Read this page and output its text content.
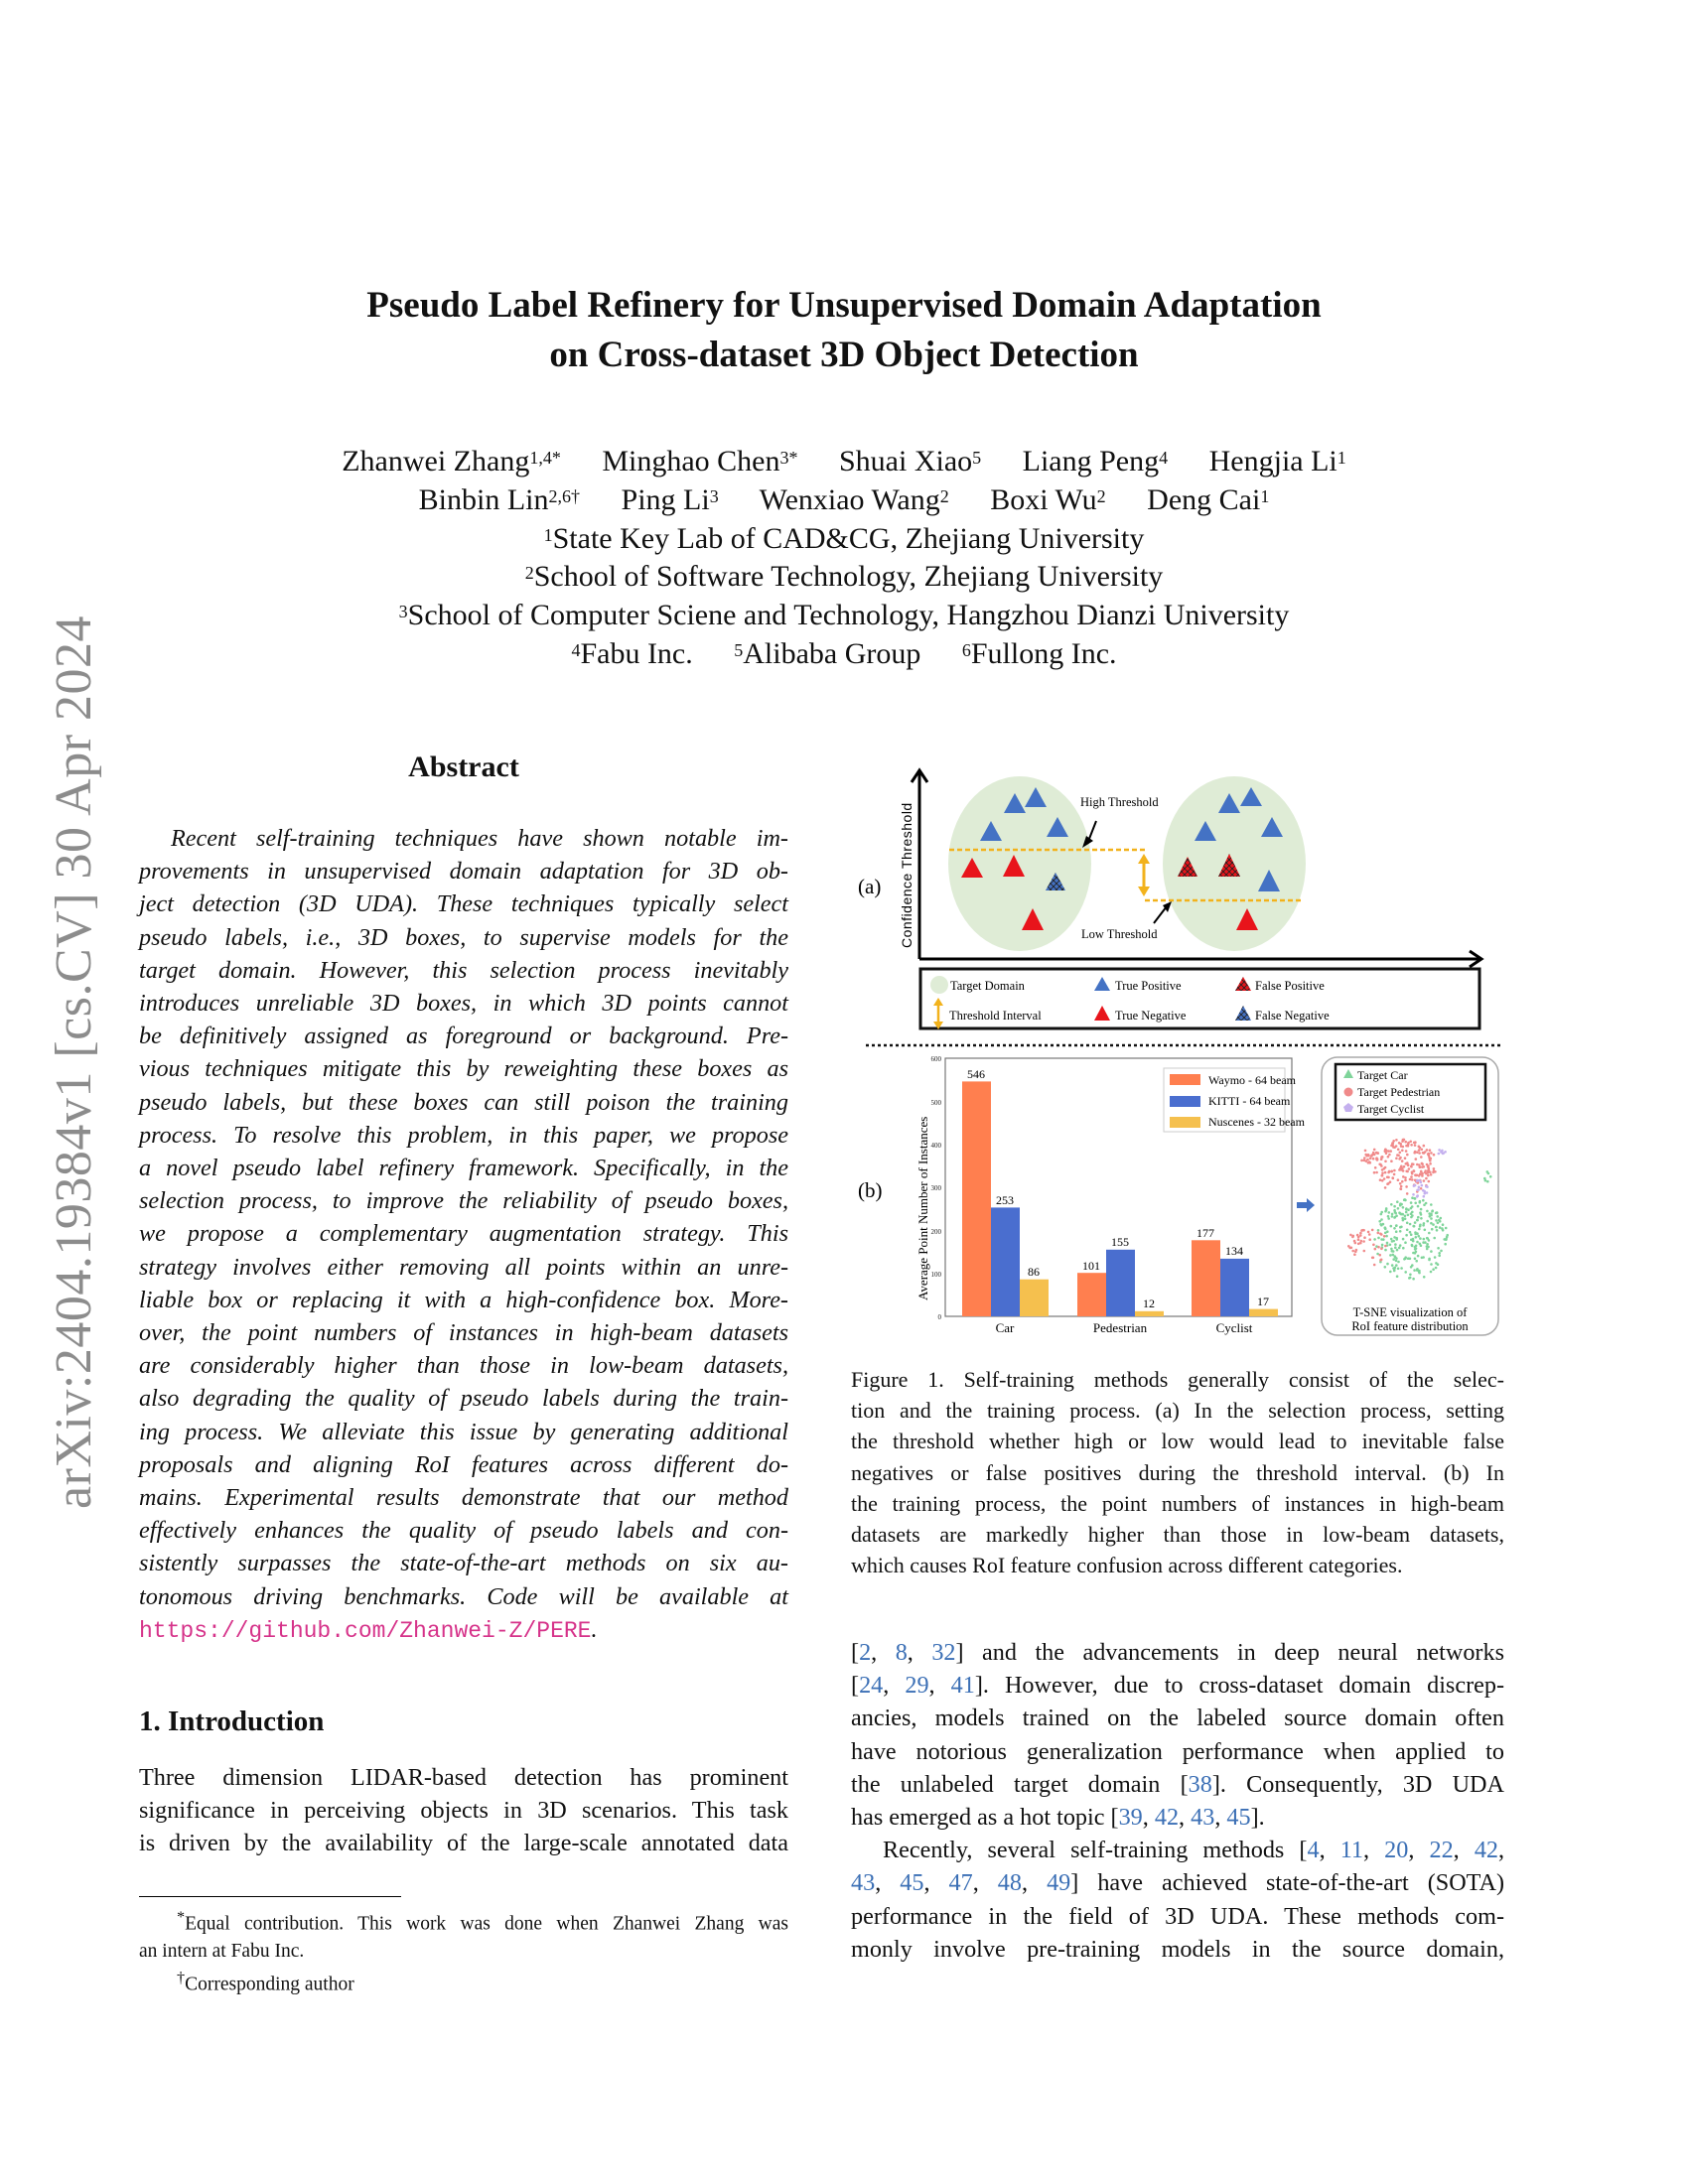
arXiv:2404.19384v1 [cs.CV] 30 Apr 2024
Pseudo Label Refinery for Unsupervised Domain Adaptation
on Cross-dataset 3D Object Detection
Zhanwei Zhang$^{1,4*}$ Minghao Chen$^{3*}$ Shuai Xiao$^5$ Liang Peng$^4$ Hengjia Li$^1$
Binbin Lin$^{2,6\dagger}$ Ping Li$^3$ Wenxiao Wang$^2$ Boxi Wu$^2$ Deng Cai$^1$
$^1$State Key Lab of CAD&CG, Zhejiang University
$^2$School of Software Technology, Zhejiang University
$^3$School of Computer Sciene and Technology, Hangzhou Dianzi University
$^4$Fabu Inc. $^5$Alibaba Group $^6$Fullong Inc.
Abstract
Recent self-training techniques have shown notable im-
provements in unsupervised domain adaptation for 3D ob-
ject detection (3D UDA). These techniques typically select
pseudo labels, i.e., 3D boxes, to supervise models for the
target domain. However, this selection process inevitably
introduces unreliable 3D boxes, in which 3D points cannot
be definitively assigned as foreground or background. Pre-
vious techniques mitigate this by reweighting these boxes as
pseudo labels, but these boxes can still poison the training
process. To resolve this problem, in this paper, we propose
a novel pseudo label refinery framework. Specifically, in the
selection process, to improve the reliability of pseudo boxes,
we propose a complementary augmentation strategy. This
strategy involves either removing all points within an unre-
liable box or replacing it with a high-confidence box. More-
over, the point numbers of instances in high-beam datasets
are considerably higher than those in low-beam datasets,
also degrading the quality of pseudo labels during the train-
ing process. We alleviate this issue by generating additional
proposals and aligning RoI features across different do-
mains. Experimental results demonstrate that our method
effectively enhances the quality of pseudo labels and con-
sistently surpasses the state-of-the-art methods on six au-
tonomous driving benchmarks. Code will be available at
https://github.com/Zhanwei-Z/PERE.
1. Introduction
Three dimension LIDAR-based detection has prominent
significance in perceiving objects in 3D scenarios. This task
is driven by the availability of the large-scale annotated data
*Equal contribution. This work was done when Zhanwei Zhang was
an intern at Fabu Inc.
†Corresponding author
(a) Confidence Threshold
High Threshold
Low Threshold
Target Domain	True Positive	False Positive
Threshold Interval	True Negative	False Negative
(b)	Average Point Number of Instances
0
100
200
300
400
500
600
546
253
86	101
155
12
177
134
17
Car	Pedestrian	Cyclist
Waymo - 64 beam
KITTI - 64 beam
Nuscenes - 32 beam
Target Car
Target Pedestrian
Target Cyclist
T-SNE visualization of
RoI feature distribution
Figure 1. Self-training methods generally consist of the selec-
tion and the training process. (a) In the selection process, setting
the threshold whether high or low would lead to inevitable false
negatives or false positives during the threshold interval. (b) In
the training process, the point numbers of instances in high-beam
datasets are markedly higher than those in low-beam datasets,
which causes RoI feature confusion across different categories.
[2, 8, 32] and the advancements in deep neural networks
[24, 29, 41]. However, due to cross-dataset domain discrep-
ancies, models trained on the labeled source domain often
have notorious generalization performance when applied to
the unlabeled target domain [38]. Consequently, 3D UDA
has emerged as a hot topic [39, 42, 43, 45].
Recently, several self-training methods [4, 11, 20, 22, 42,
43, 45, 47, 48, 49] have achieved state-of-the-art (SOTA)
performance in the field of 3D UDA. These methods com-
monly involve pre-training models in the source domain,
